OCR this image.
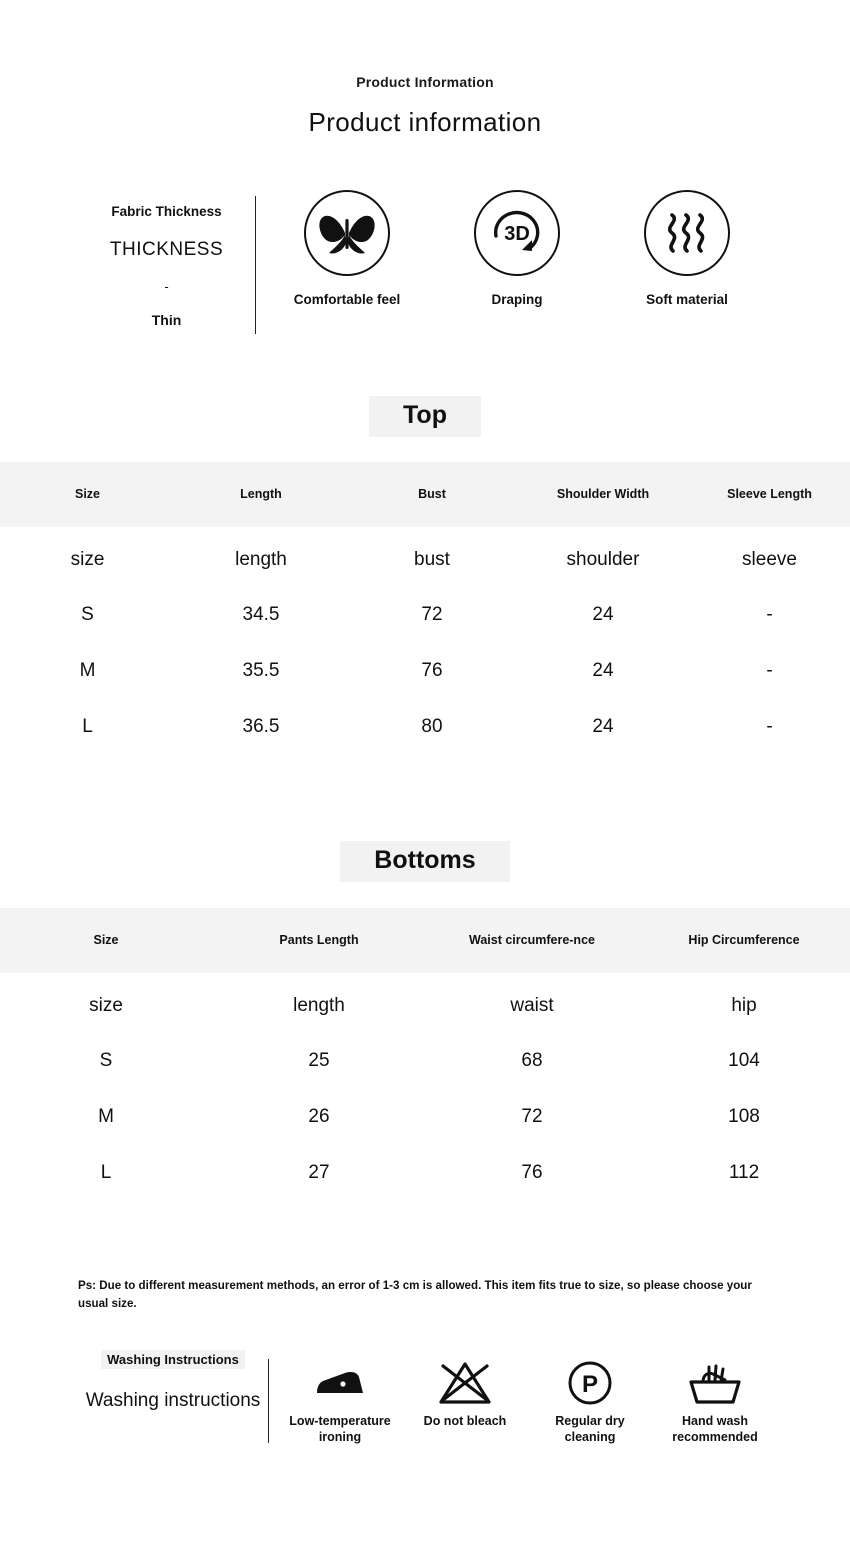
Product Information
Product information
Fabric Thickness
THICKNESS
-
Thin
Comfortable feel
3D
Draping	Soft material
Top
Size	Length	Bust	Shoulder Width	Sleeve Length
size	length	bust	shoulder	sleeve
S	34.5	72	24	-
M	35.5	76	24	-
L	36.5	80	24	-
Bottoms
Size	Pants Length	Waist circumfere-nce	Hip Circumference
size	length	waist	hip
S	25	68	104
M	26	72	108
L	27	76	112
Ps: Due to different measurement methods, an error of 1-3 cm is allowed. This item fits true to size, so please choose your usual size.
Washing Instructions
Washing instructions
Low-temperature ironing
Do not bleach
P
Regular dry cleaning
Hand wash recommended
